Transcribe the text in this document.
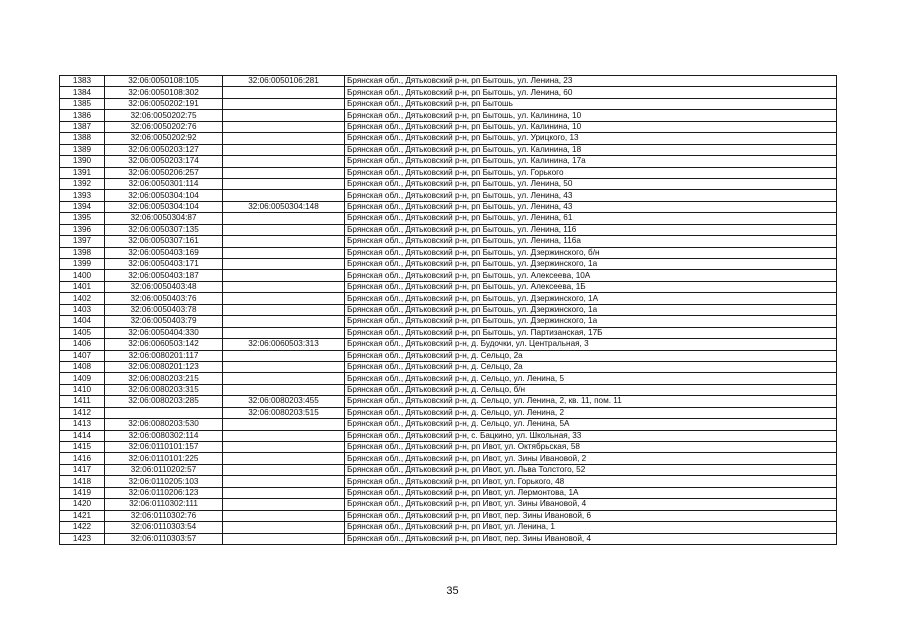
1383	32:06:0050108:105	32:06:0050106:281	Брянская обл., Дятьковский р-н, рп Бытошь, ул. Ленина, 23
1384	32:06:0050108:302		Брянская обл., Дятьковский р-н, рп Бытошь, ул. Ленина, 60
1385	32:06:0050202:191		Брянская обл., Дятьковский р-н, рп Бытошь
1386	32:06:0050202:75		Брянская обл., Дятьковский р-н, рп Бытошь, ул. Калинина, 10
1387	32:06:0050202:76		Брянская обл., Дятьковский р-н, рп Бытошь, ул. Калинина, 10
1388	32:06:0050202:92		Брянская обл., Дятьковский р-н, рп Бытошь, ул. Урицкого, 13
1389	32:06:0050203:127		Брянская обл., Дятьковский р-н, рп Бытошь, ул. Калинина, 18
1390	32:06:0050203:174		Брянская обл., Дятьковский р-н, рп Бытошь, ул. Калинина, 17а
1391	32:06:0050206:257		Брянская обл., Дятьковский р-н, рп Бытошь, ул. Горького
1392	32:06:0050301:114		Брянская обл., Дятьковский р-н, рп Бытошь, ул. Ленина, 50
1393	32:06:0050304:104		Брянская обл., Дятьковский р-н, рп Бытошь, ул. Ленина, 43
1394	32:06:0050304:104	32:06:0050304:148	Брянская обл., Дятьковский р-н, рп Бытошь, ул. Ленина, 43
1395	32:06:0050304:87		Брянская обл., Дятьковский р-н, рп Бытошь, ул. Ленина, 61
1396	32:06:0050307:135		Брянская обл., Дятьковский р-н, рп Бытошь, ул. Ленина, 116
1397	32:06:0050307:161		Брянская обл., Дятьковский р-н, рп Бытошь, ул. Ленина, 116а
1398	32:06:0050403:169		Брянская обл., Дятьковский р-н, рп Бытошь, ул. Дзержинского, б/н
1399	32:06:0050403:171		Брянская обл., Дятьковский р-н, рп Бытошь, ул. Дзержинского, 1а
1400	32:06:0050403:187		Брянская обл., Дятьковский р-н, рп Бытошь, ул. Алексеева, 10А
1401	32:06:0050403:48		Брянская обл., Дятьковский р-н, рп Бытошь, ул. Алексеева, 1Б
1402	32:06:0050403:76		Брянская обл., Дятьковский р-н, рп Бытошь, ул. Дзержинского, 1А
1403	32:06:0050403:78		Брянская обл., Дятьковский р-н, рп Бытошь, ул. Дзержинского, 1а
1404	32:06:0050403:79		Брянская обл., Дятьковский р-н, рп Бытошь, ул. Дзержинского, 1а
1405	32:06:0050404:330		Брянская обл., Дятьковский р-н, рп Бытошь, ул. Партизанская, 17Б
1406	32:06:0060503:142	32:06:0060503:313	Брянская обл., Дятьковский р-н, д. Будочки, ул. Центральная, 3
1407	32:06:0080201:117		Брянская обл., Дятьковский р-н, д. Сельцо, 2а
1408	32:06:0080201:123		Брянская обл., Дятьковский р-н, д. Сельцо, 2а
1409	32:06:0080203:215		Брянская обл., Дятьковский р-н, д. Сельцо, ул. Ленина, 5
1410	32:06:0080203:315		Брянская обл., Дятьковский р-н, д. Сельцо, б/н
1411	32:06:0080203:285	32:06:0080203:455	Брянская обл., Дятьковский р-н, д. Сельцо, ул. Ленина, 2, кв. 11, пом. 11
1412		32:06:0080203:515	Брянская обл., Дятьковский р-н, д. Сельцо, ул. Ленина, 2
1413	32:06:0080203:530		Брянская обл., Дятьковский р-н, д. Сельцо, ул. Ленина, 5А
1414	32:06:0080302:114		Брянская обл., Дятьковский р-н, с. Бацкино, ул. Школьная, 33
1415	32:06:0110101:157		Брянская обл., Дятьковский р-н, рп Ивот, ул. Октябрьская, 58
1416	32:06:0110101:225		Брянская обл., Дятьковский р-н, рп Ивот, ул. Зины Ивановой, 2
1417	32:06:0110202:57		Брянская обл., Дятьковский р-н, рп Ивот, ул. Льва Толстого, 52
1418	32:06:0110205:103		Брянская обл., Дятьковский р-н, рп Ивот, ул. Горького, 48
1419	32:06:0110206:123		Брянская обл., Дятьковский р-н, рп Ивот, ул. Лермонтова, 1А
1420	32:06:0110302:111		Брянская обл., Дятьковский р-н, рп Ивот, ул. Зины Ивановой, 4
1421	32:06:0110302:76		Брянская обл., Дятьковский р-н, рп Ивот, пер. Зины Ивановой, 6
1422	32:06:0110303:54		Брянская обл., Дятьковский р-н, рп Ивот, ул. Ленина, 1
1423	32:06:0110303:57		Брянская обл., Дятьковский р-н, рп Ивот, пер. Зины Ивановой, 4
35
